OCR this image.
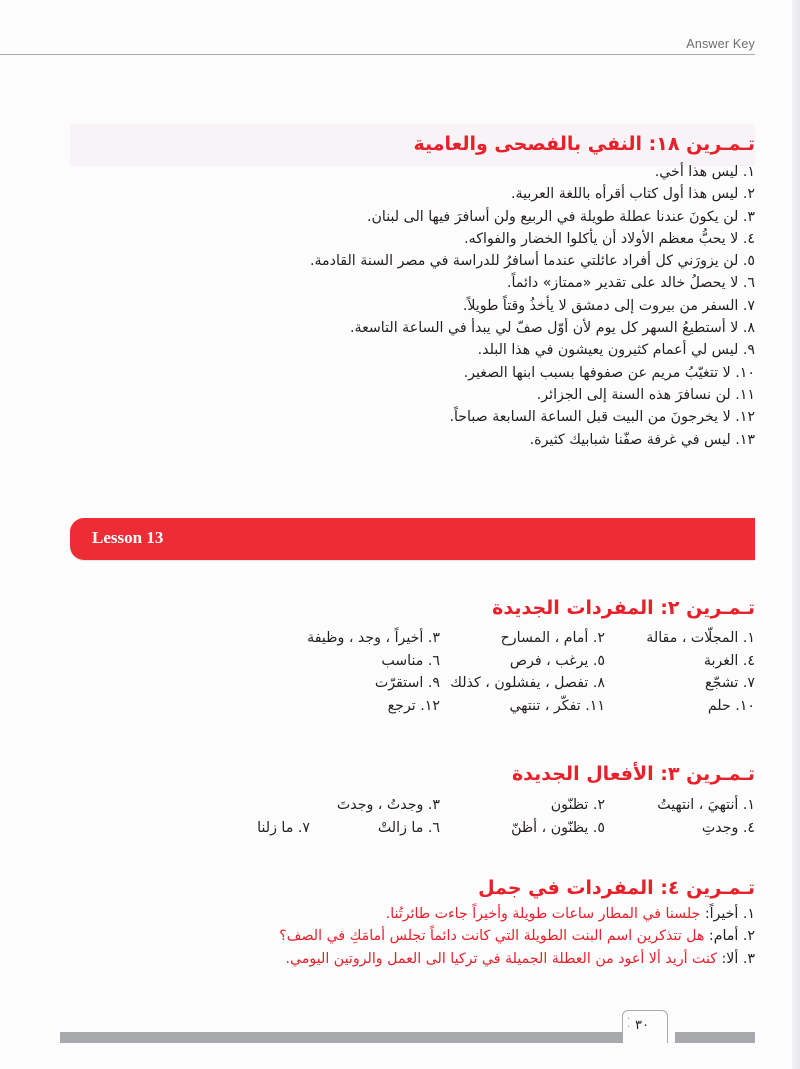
Answer Key
تـمـرين ١٨: النفي بالفصحى والعامية
١. ليس هذا أخي.
٢. ليس هذا أول كتاب أقرأه باللغة العربية.
٣. لن يكونَ عندنا عطلة طويلة في الربيع ولن أسافرَ فيها الى لبنان.
٤. لا يحبُّ معظم الأولاد أن يأكلوا الخضار والفواكه.
٥. لن يزورَني كل أفراد عائلتي عندما أسافرُ للدراسة في مصر السنة القادمة.
٦. لا يحصلُ خالد على تقدير «ممتاز» دائماً.
٧. السفر من بيروت إلى دمشق لا يأخذُ وقتاً طويلاً.
٨. لا أستطيعُ السهر كل يوم لأن أوّل صفّ لي يبدأ في الساعة التاسعة.
٩. ليس لي أعمام كثيرون يعيشون في هذا البلد.
١٠. لا تتغيّبُ مريم عن صفوفها بسبب ابنها الصغير.
١١. لن نسافرَ هذه السنة إلى الجزائر.
١٢. لا يخرجونَ من البيت قبل الساعة السابعة صباحاً.
١٣. ليس في غرفة صفّنا شبابيك كثيرة.
Lesson 13
تـمـرين ٢: المفردات الجديدة
١. المجلّات ، مقالة
٢. أمام ، المسارح
٣. أخيراً ، وجد ، وظيفة
٤. الغربة
٥. يرغب ، فرص
٦. مناسب
٧. تشجّع
٨. تفصل ، يفشلون ، كذلك
٩. استقرّت
١٠. حلم
١١. تفكّر ، تنتهي
١٢. ترجع
تـمـرين ٣: الأفعال الجديدة
١. أنتهيَ ، انتهيتُ
٢. تظنّون
٣. وجدتُ ، وجدتَ
٤. وجدتِ
٥. يظنّون ، أظنّ
٦. ما زالتْ
٧. ما زلنا
تـمـرين ٤: المفردات في جمل
١. أخيراً: جلسنا في المطار ساعات طويلة وأخيراً جاءت طائرتُنا.
٢. أمام: هل تتذكرين اسم البنت الطويلة التي كانت دائماً تجلس أمامَكِ في الصف؟
٣. ألا: كنت أريد ألا أعود من العطلة الجميلة في تركيا الى العمل والروتين اليومي.
·
· ٣٠
